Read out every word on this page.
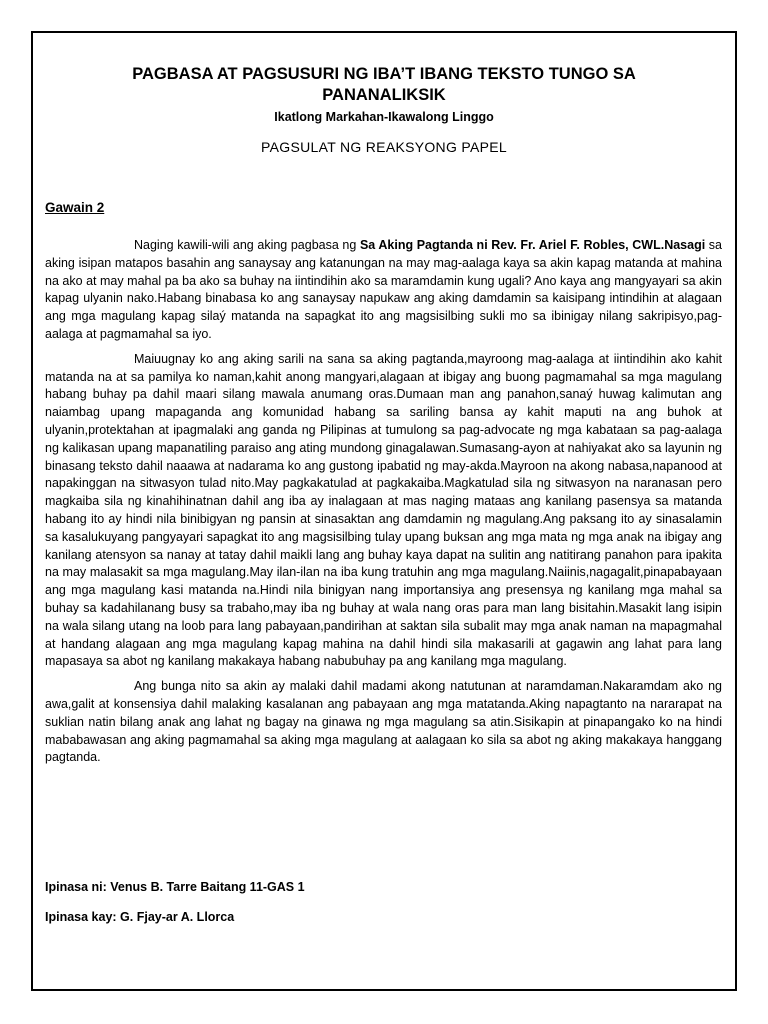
PAGBASA AT PAGSUSURI NG IBA’T IBANG TEKSTO TUNGO SA PANANALIKSIK

Ikatlong Markahan-Ikawalong Linggo

PAGSULAT NG REAKSYONG PAPEL

Gawain 2

Naging kawili-wili ang aking pagbasa ng Sa Aking Pagtanda ni Rev. Fr. Ariel F. Robles, CWL.Nasagi sa aking isipan matapos basahin ang sanaysay ang katanungan na may mag-aalaga kaya sa akin kapag matanda at mahina na ako at may mahal pa ba ako sa buhay na iintindihin ako sa maramdamin kung ugali? Ano kaya ang mangyayari sa akin kapag ulyanin nako.Habang binabasa ko ang sanaysay napukaw ang aking damdamin sa kaisipang intindihin at alagaan ang mga magulang kapag silaý matanda na sapagkat ito ang magsisilbing sukli mo sa ibinigay nilang sakripisyo,pag-aalaga at pagmamahal sa iyo.

Maiuugnay ko ang aking sarili na sana sa aking pagtanda,mayroong mag-aalaga at iintindihin ako kahit matanda na at sa pamilya ko naman,kahit anong mangyari,alagaan at ibigay ang buong pagmamahal sa mga magulang habang buhay pa dahil maari silang mawala anumang oras.Dumaan man ang panahon,sanaý huwag kalimutan ang naiambag upang mapaganda ang komunidad habang sa sariling bansa ay kahit maputi na ang buhok at ulyanin,protektahan at ipagmalaki ang ganda ng Pilipinas at tumulong sa pag-advocate ng mga kabataan sa pag-aalaga ng kalikasan upang mapanatiling paraiso ang ating mundong ginagalawan.Sumasang-ayon at nahiyakat ako sa layunin ng binasang teksto dahil naaawa at nadarama ko ang gustong ipabatid ng may-akda.Mayroon na akong nabasa,napanood at napakinggan na sitwasyon tulad nito.May pagkakatulad at pagkakaiba.Magkatulad sila ng sitwasyon na naranasan pero magkaiba sila ng kinahihinatnan dahil ang iba ay inalagaan at mas naging mataas ang kanilang pasensya sa matanda habang ito ay hindi nila binibigyan ng pansin at sinasaktan ang damdamin ng magulang.Ang paksang ito ay sinasalamin sa kasalukuyang pangyayari sapagkat ito ang magsisilbing tulay upang buksan ang mga mata ng mga anak na ibigay ang kanilang atensyon sa nanay at tatay dahil maikli lang ang buhay kaya dapat na sulitin ang natitirang panahon para ipakita na may malasakit sa mga magulang.May ilan-ilan na iba kung tratuhin ang mga magulang.Naiinis,nagagalit,pinapabayaan ang mga magulang kasi matanda na.Hindi nila binigyan nang importansiya ang presensya ng kanilang mga mahal sa buhay sa kadahilanang busy sa trabaho,may iba ng buhay at wala nang oras para man lang bisitahin.Masakit lang isipin na wala silang utang na loob para lang pabayaan,pandirihan at saktan sila subalit may mga anak naman na mapagmahal at handang alagaan ang mga magulang kapag mahina na dahil hindi sila makasarili at gagawin ang lahat para lang mapasaya sa abot ng kanilang makakaya habang nabubuhay pa ang kanilang mga magulang.

Ang bunga nito sa akin ay malaki dahil madami akong natutunan at naramdaman.Nakaramdam ako ng awa,galit at konsensiya dahil malaking kasalanan ang pabayaan ang mga matatanda.Aking napagtanto na nararapat na suklian natin bilang anak ang lahat ng bagay na ginawa ng mga magulang sa atin.Sisikapin at pinapangako ko na hindi mababawasan ang aking pagmamahal sa aking mga magulang at aalagaan ko sila sa abot ng aking makakaya hanggang pagtanda.

Ipinasa ni: Venus B. Tarre Baitang 11-GAS 1

Ipinasa kay: G. Fjay-ar A. Llorca
